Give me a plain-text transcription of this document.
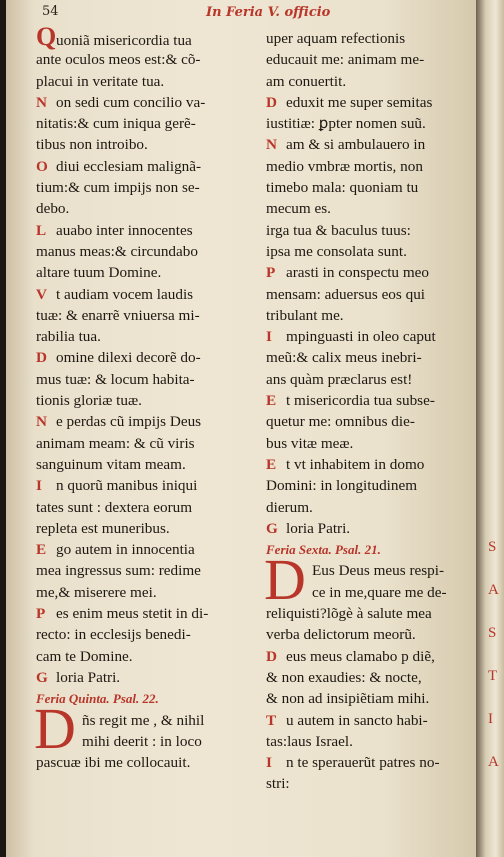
54	In Feria V. officio
Quoniã misericordia tua
ante oculos meos est:& cõ-
placui in veritate tua.
N on sedi cum concilio va-
nitatis:& cum iniqua gerẽ-
tibus non introibo.
O diui ecclesiam malignã-
tium:& cum impijs non se-
debo.
L auabo inter innocentes
manus meas:& circundabo
altare tuum Domine.
V t audiam vocem laudis
tuæ: & enarrẽ vniuersa mi-
rabilia tua.
D omine dilexi decorẽ do-
mus tuæ: & locum habita-
tionis gloriæ tuæ.
N e perdas cũ impijs Deus
animam meam: & cũ viris
sanguinum vitam meam.
I n quorũ manibus iniqui
tates sunt : dextera eorum
repleta est muneribus.
E go autem in innocentia
mea ingressus sum: redime
me,& miserere mei.
P es enim meus stetit in di-
recto: in ecclesijs benedi-
cam te Domine.
G loria Patri.
Feria Quinta. Psal. 22.
D ñs regit me , & nihil
mihi deerit : in loco
pascuæ ibi me collocauit.
uper aquam refectionis
educauit me: animam me-
am conuertit.
D eduxit me super semitas
iustitiæ: ꝑpter nomen suũ.
N am & si ambulauero in
medio vmbræ mortis, non
timebo mala: quoniam tu
mecum es.
irga tua & baculus tuus:
ipsa me consolata sunt.
P arasti in conspectu meo
mensam: aduersus eos qui
tribulant me.
I mpinguasti in oleo caput
meũ:& calix meus inebri-
ans quàm præclarus est!
E t misericordia tua subse-
quetur me: omnibus die-
bus vitæ meæ.
E t vt inhabitem in domo
Domini: in longitudinem
dierum.
G loria Patri.
Feria Sexta. Psal. 21.
D Eus Deus meus respi-
ce in me,quare me de-
reliquisti?lõgè à salute mea
verba delictorum meorũ.
D eus meus clamabo p diẽ,
& non exaudies: & nocte,
& non ad insipiẽtiam mihi.
T u autem in sancto habi-
tas:laus Israel.
I n te sperauerũt patres no-
stri:
S
A
S
T
I
A
